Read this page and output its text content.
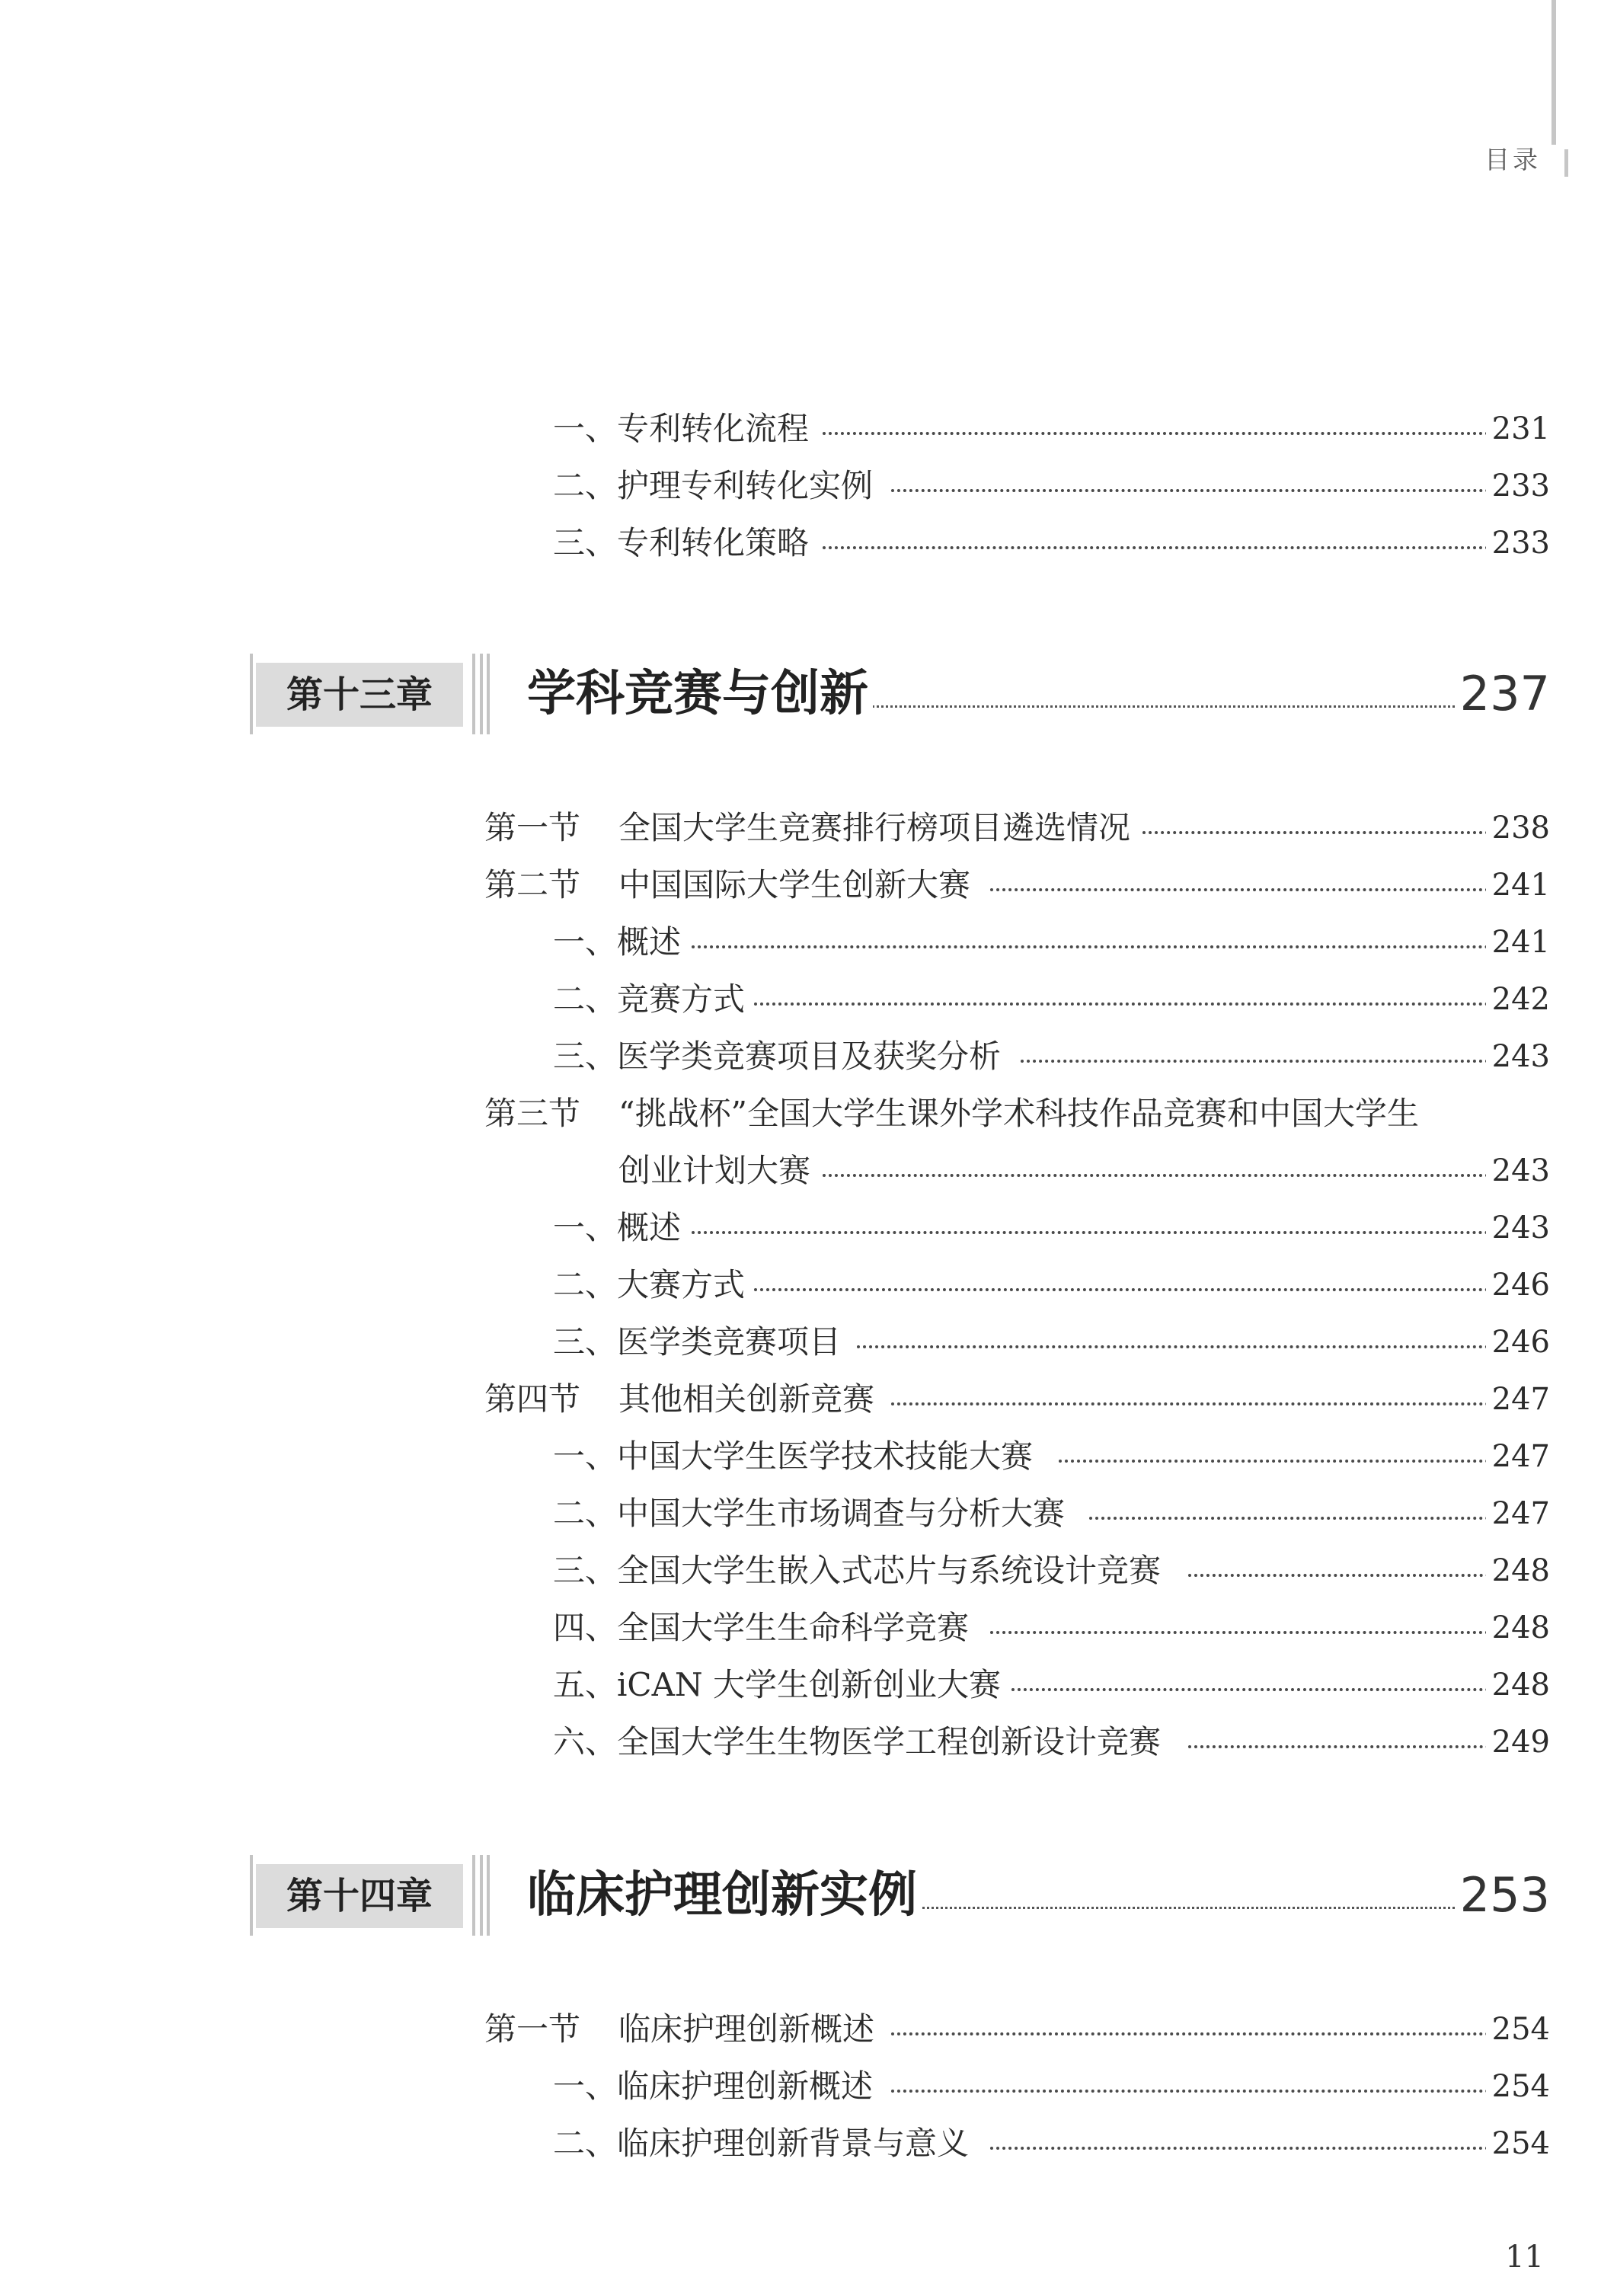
目录
一、专利转化流程	231
二、护理专利转化实例	233
三、专利转化策略	233
第十三章	学科竞赛与创新	237
第一节 全国大学生竞赛排行榜项目遴选情况	238
第二节 中国国际大学生创新大赛	241
一、概述	241
二、竞赛方式	242
三、医学类竞赛项目及获奖分析	243
第三节 “挑战杯”全国大学生课外学术科技作品竞赛和中国大学生
创业计划大赛	243
一、概述	243
二、大赛方式	246
三、医学类竞赛项目	246
第四节 其他相关创新竞赛	247
一、中国大学生医学技术技能大赛	247
二、中国大学生市场调查与分析大赛	247
三、全国大学生嵌入式芯片与系统设计竞赛	248
四、全国大学生生命科学竞赛	248
五、iCAN 大学生创新创业大赛	248
六、全国大学生生物医学工程创新设计竞赛	249
第十四章	临床护理创新实例	253
第一节 临床护理创新概述	254
一、临床护理创新概述	254
二、临床护理创新背景与意义	254
11
